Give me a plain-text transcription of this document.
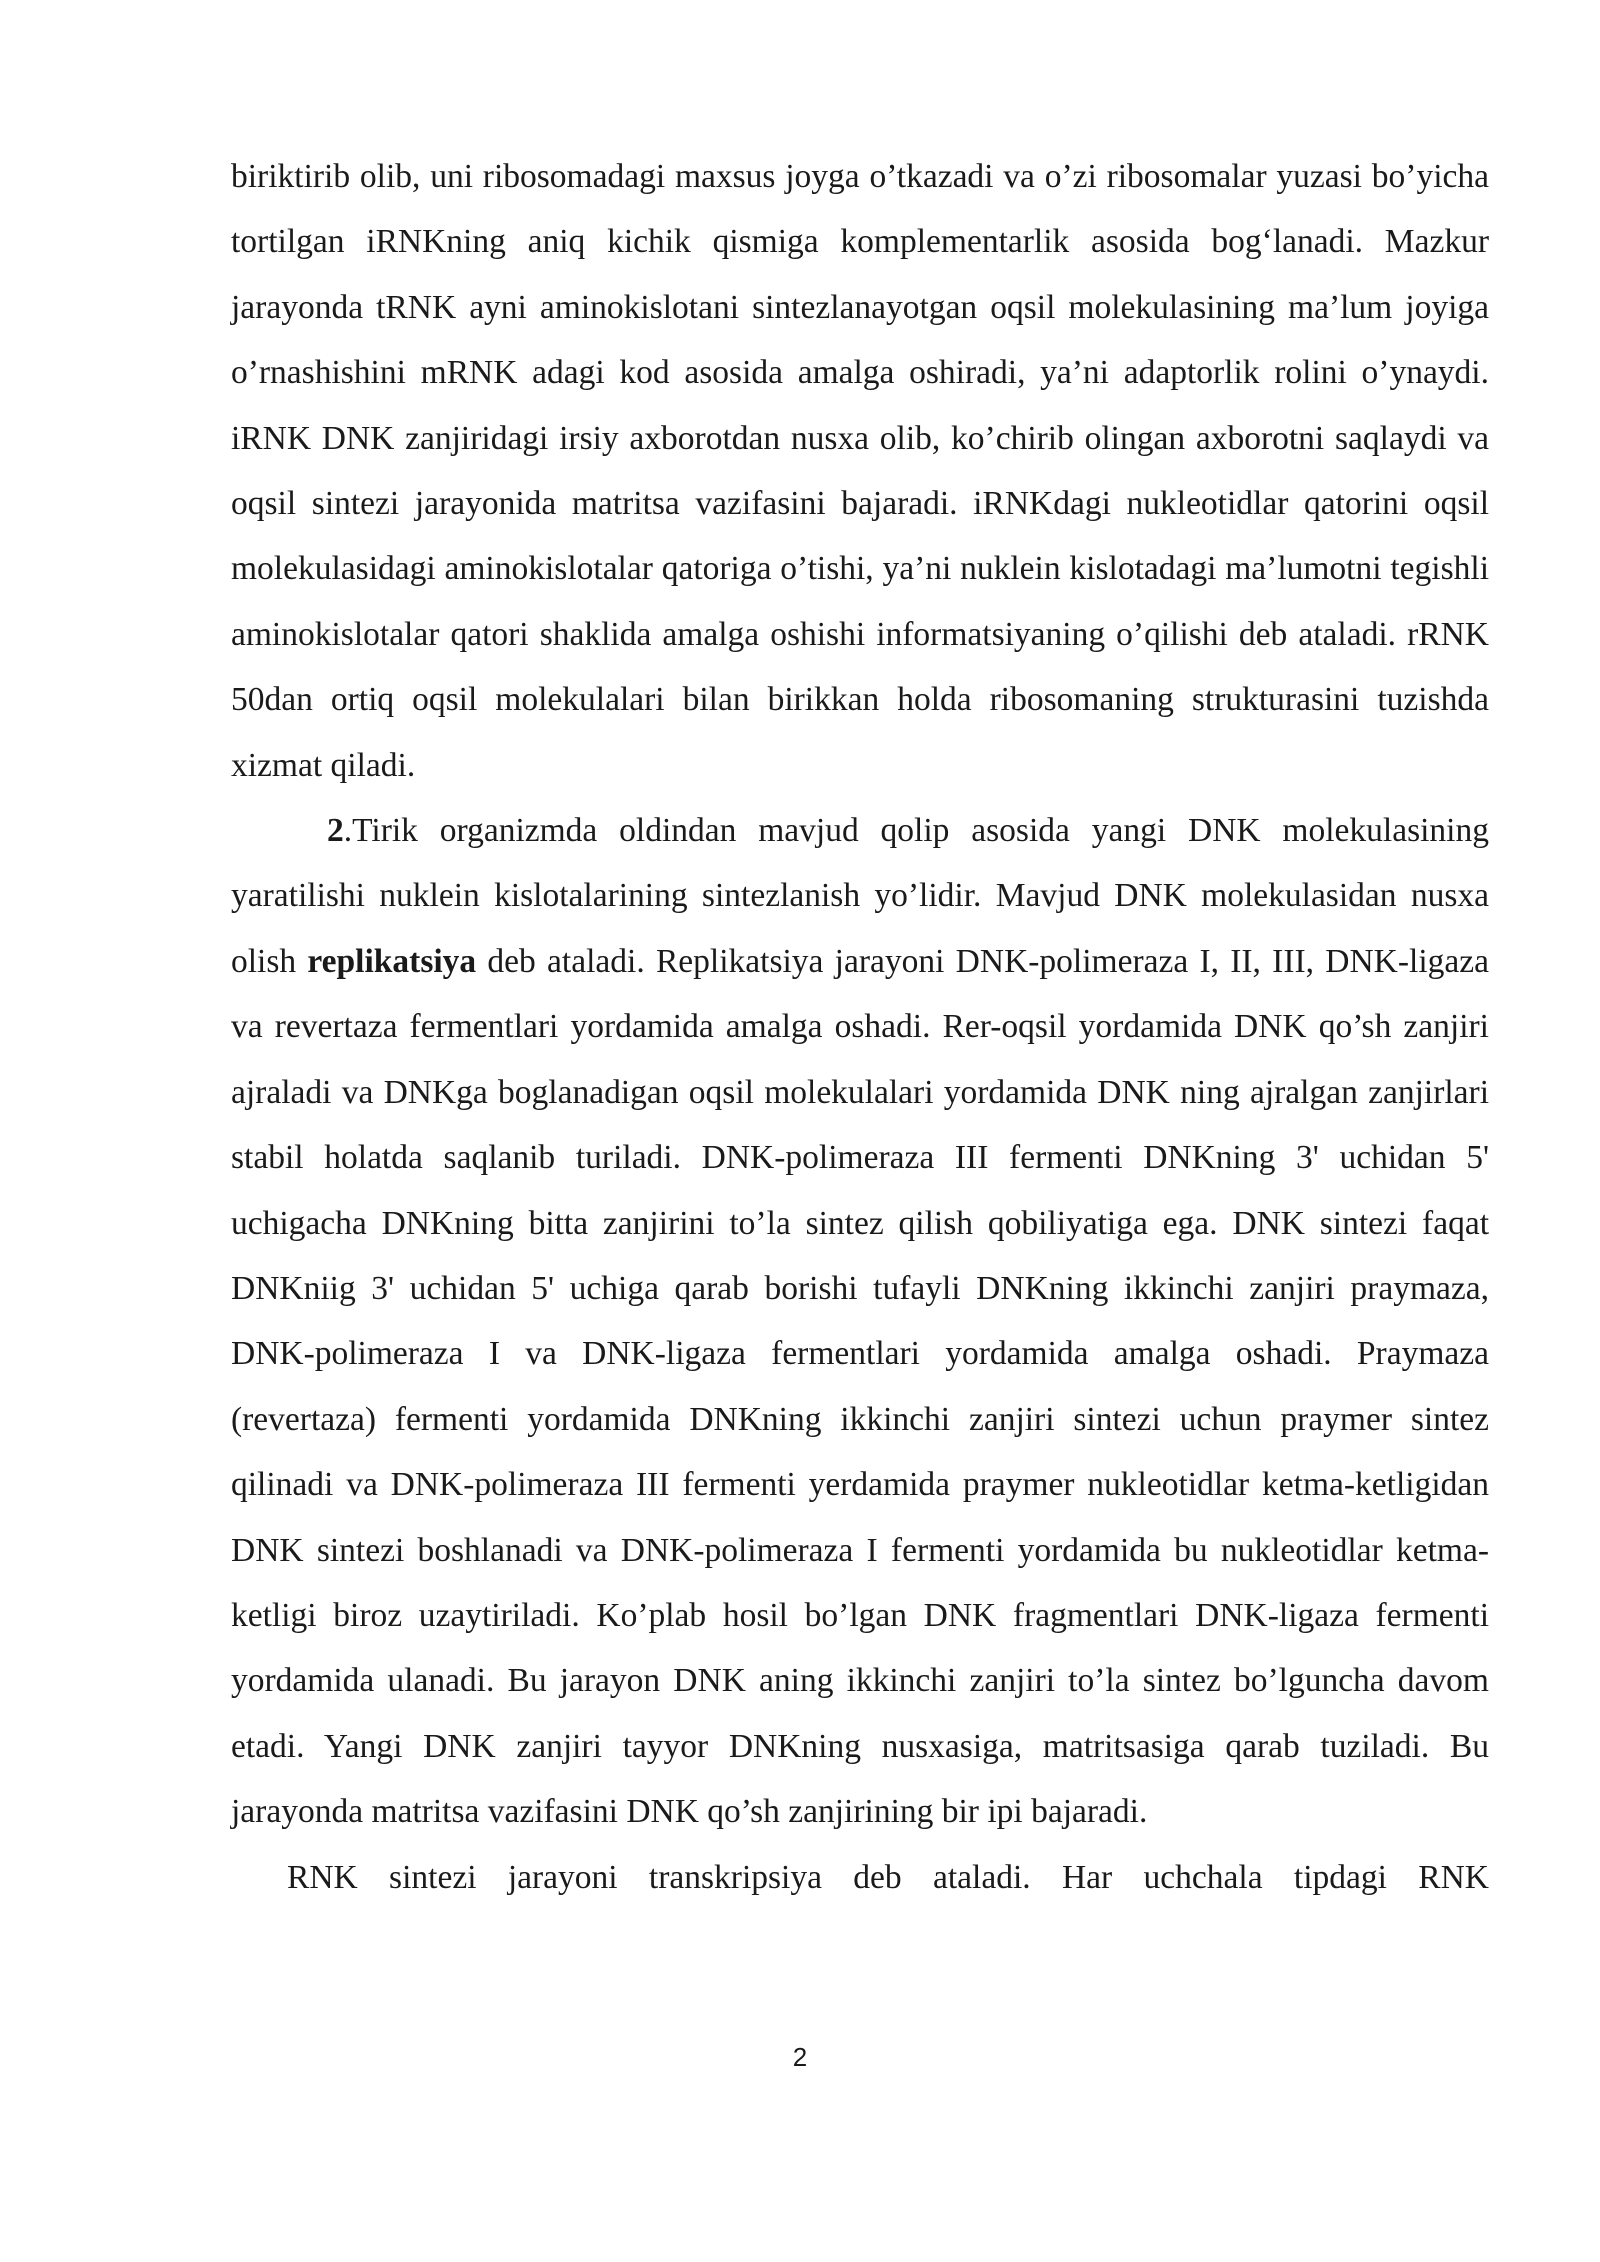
biriktirib olib, uni ribosomadagi maxsus joyga o’tkazadi va o’zi ribosomalar yuzasi bo’yicha tortilgan iRNKning aniq kichik qismiga komplementarlik asosida bog‘lanadi. Mazkur jarayonda tRNK ayni aminokislotani sintezlanayotgan oqsil molekulasining ma’lum joyiga o’rnashishini mRNK adagi kod asosida amalga oshiradi, ya’ni adaptorlik rolini o’ynaydi. iRNK DNK zanjiridagi irsiy axborotdan nusxa olib, ko’chirib olingan axborotni saqlaydi va oqsil sintezi jarayonida matritsa vazifasini bajaradi. iRNKdagi nukleotidlar qatorini oqsil molekulasidagi aminokislotalar qatoriga o’tishi, ya’ni nuklein kislotadagi ma’lumotni tegishli aminokislotalar qatori shaklida amalga oshishi informatsiyaning o’qilishi deb ataladi. rRNK 50dan ortiq oqsil molekulalari bilan birikkan holda ribosomaning strukturasini tuzishda xizmat qiladi.

2.Tirik organizmda oldindan mavjud qolip asosida yangi DNK molekulasining yaratilishi nuklein kislotalarining sintezlanish yo’lidir. Mavjud DNK molekulasidan nusxa olish replikatsiya deb ataladi. Replikatsiya jarayoni DNK-polimeraza I, II, III, DNK-ligaza va revertaza fermentlari yordamida amalga oshadi. Rer-oqsil yordamida DNK qo’sh zanjiri ajraladi va DNKga boglanadigan oqsil molekulalari yordamida DNK ning ajralgan zanjirlari stabil holatda saqlanib turiladi. DNK-polimeraza III fermenti DNKning 3' uchidan 5' uchigacha DNKning bitta zanjirini to’la sintez qilish qobiliyatiga ega. DNK sintezi faqat DNKniig 3' uchidan 5' uchiga qarab borishi tufayli DNKning ikkinchi zanjiri praymaza, DNK-polimeraza I va DNK-ligaza fermentlari yordamida amalga oshadi. Praymaza (revertaza) fermenti yordamida DNKning ikkinchi zanjiri sintezi uchun praymer sintez qilinadi va DNK-polimeraza III fermenti yerdamida praymer nukleotidlar ketma-ketligidan DNK sintezi boshlanadi va DNK-polimeraza I fermenti yordamida bu nukleotidlar ketma-ketligi biroz uzaytiriladi. Ko’plab hosil bo’lgan DNK fragmentlari DNK-ligaza fermenti yordamida ulanadi. Bu jarayon DNK aning ikkinchi zanjiri to’la sintez bo’lguncha davom etadi. Yangi DNK zanjiri tayyor DNKning nusxasiga, matritsasiga qarab tuziladi. Bu jarayonda matritsa vazifasini DNK qo’sh zanjirining bir ipi bajaradi.

RNK sintezi jarayoni transkripsiya deb ataladi. Har uchchala tipdagi RNK

2
